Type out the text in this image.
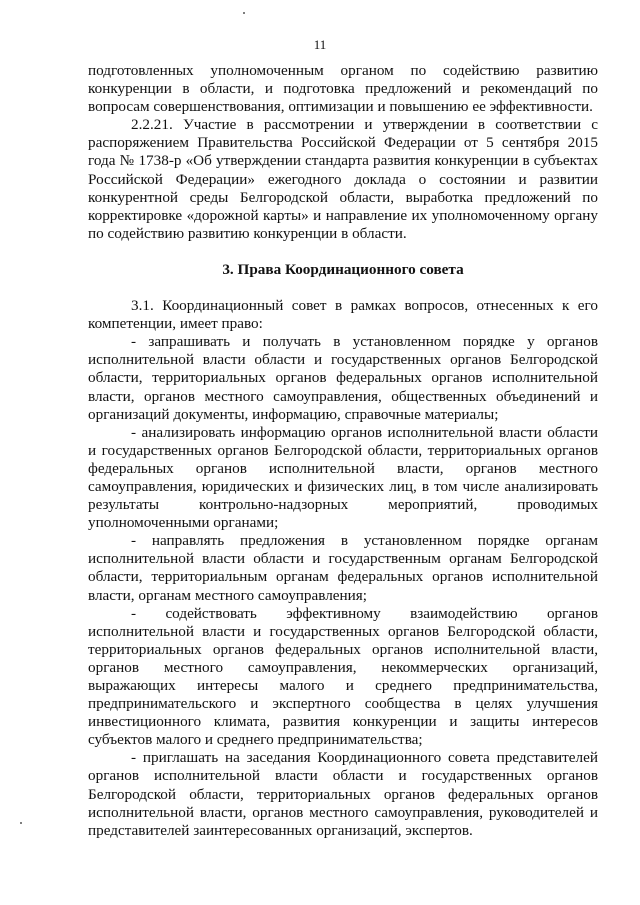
11

подготовленных уполномоченным органом по содействию развитию конкуренции в области, и подготовка предложений и рекомендаций по вопросам совершенствования, оптимизации и повышению ее эффективности.

2.2.21. Участие в рассмотрении и утверждении в соответствии с распоряжением Правительства Российской Федерации от 5 сентября 2015 года № 1738-р «Об утверждении стандарта развития конкуренции в субъектах Российской Федерации» ежегодного доклада о состоянии и развитии конкурентной среды Белгородской области, выработка предложений по корректировке «дорожной карты» и направление их уполномоченному органу по содействию развитию конкуренции в области.

3. Права Координационного совета

3.1. Координационный совет в рамках вопросов, отнесенных к его компетенции, имеет право:

- запрашивать и получать в установленном порядке у органов исполнительной власти области и государственных органов Белгородской области, территориальных органов федеральных органов исполнительной власти, органов местного самоуправления, общественных объединений и организаций документы, информацию, справочные материалы;

- анализировать информацию органов исполнительной власти области и государственных органов Белгородской области, территориальных органов федеральных органов исполнительной власти, органов местного самоуправления, юридических и физических лиц, в том числе анализировать результаты контрольно-надзорных мероприятий, проводимых уполномоченными органами;

- направлять предложения в установленном порядке органам исполнительной власти области и государственным органам Белгородской области, территориальным органам федеральных органов исполнительной власти, органам местного самоуправления;

- содействовать эффективному взаимодействию органов исполнительной власти и государственных органов Белгородской области, территориальных органов федеральных органов исполнительной власти, органов местного самоуправления, некоммерческих организаций, выражающих интересы малого и среднего предпринимательства, предпринимательского и экспертного сообщества в целях улучшения инвестиционного климата, развития конкуренции и защиты интересов субъектов малого и среднего предпринимательства;

- приглашать на заседания Координационного совета представителей органов исполнительной власти области и государственных органов Белгородской области, территориальных органов федеральных органов исполнительной власти, органов местного самоуправления, руководителей и представителей заинтересованных организаций, экспертов.
